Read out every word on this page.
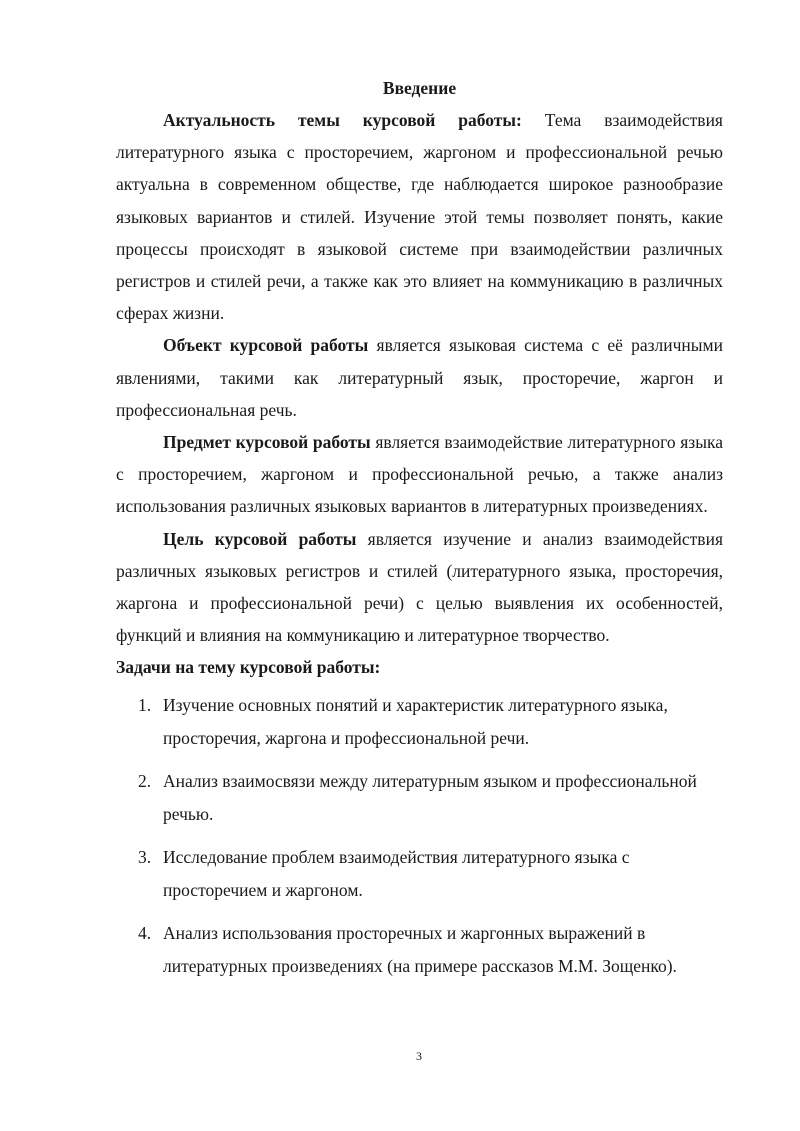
Введение

Актуальность темы курсовой работы: Тема взаимодействия литературного языка с просторечием, жаргоном и профессиональной речью актуальна в современном обществе, где наблюдается широкое разнообразие языковых вариантов и стилей. Изучение этой темы позволяет понять, какие процессы происходят в языковой системе при взаимодействии различных регистров и стилей речи, а также как это влияет на коммуникацию в различных сферах жизни.

Объект курсовой работы является языковая система с её различными явлениями, такими как литературный язык, просторечие, жаргон и профессиональная речь.

Предмет курсовой работы является взаимодействие литературного языка с просторечием, жаргоном и профессиональной речью, а также анализ использования различных языковых вариантов в литературных произведениях.

Цель курсовой работы является изучение и анализ взаимодействия различных языковых регистров и стилей (литературного языка, просторечия, жаргона и профессиональной речи) с целью выявления их особенностей, функций и влияния на коммуникацию и литературное творчество.

Задачи на тему курсовой работы:

1. Изучение основных понятий и характеристик литературного языка, просторечия, жаргона и профессиональной речи.
2. Анализ взаимосвязи между литературным языком и профессиональной речью.
3. Исследование проблем взаимодействия литературного языка с просторечием и жаргоном.
4. Анализ использования просторечных и жаргонных выражений в литературных произведениях (на примере рассказов М.М. Зощенко).
3
